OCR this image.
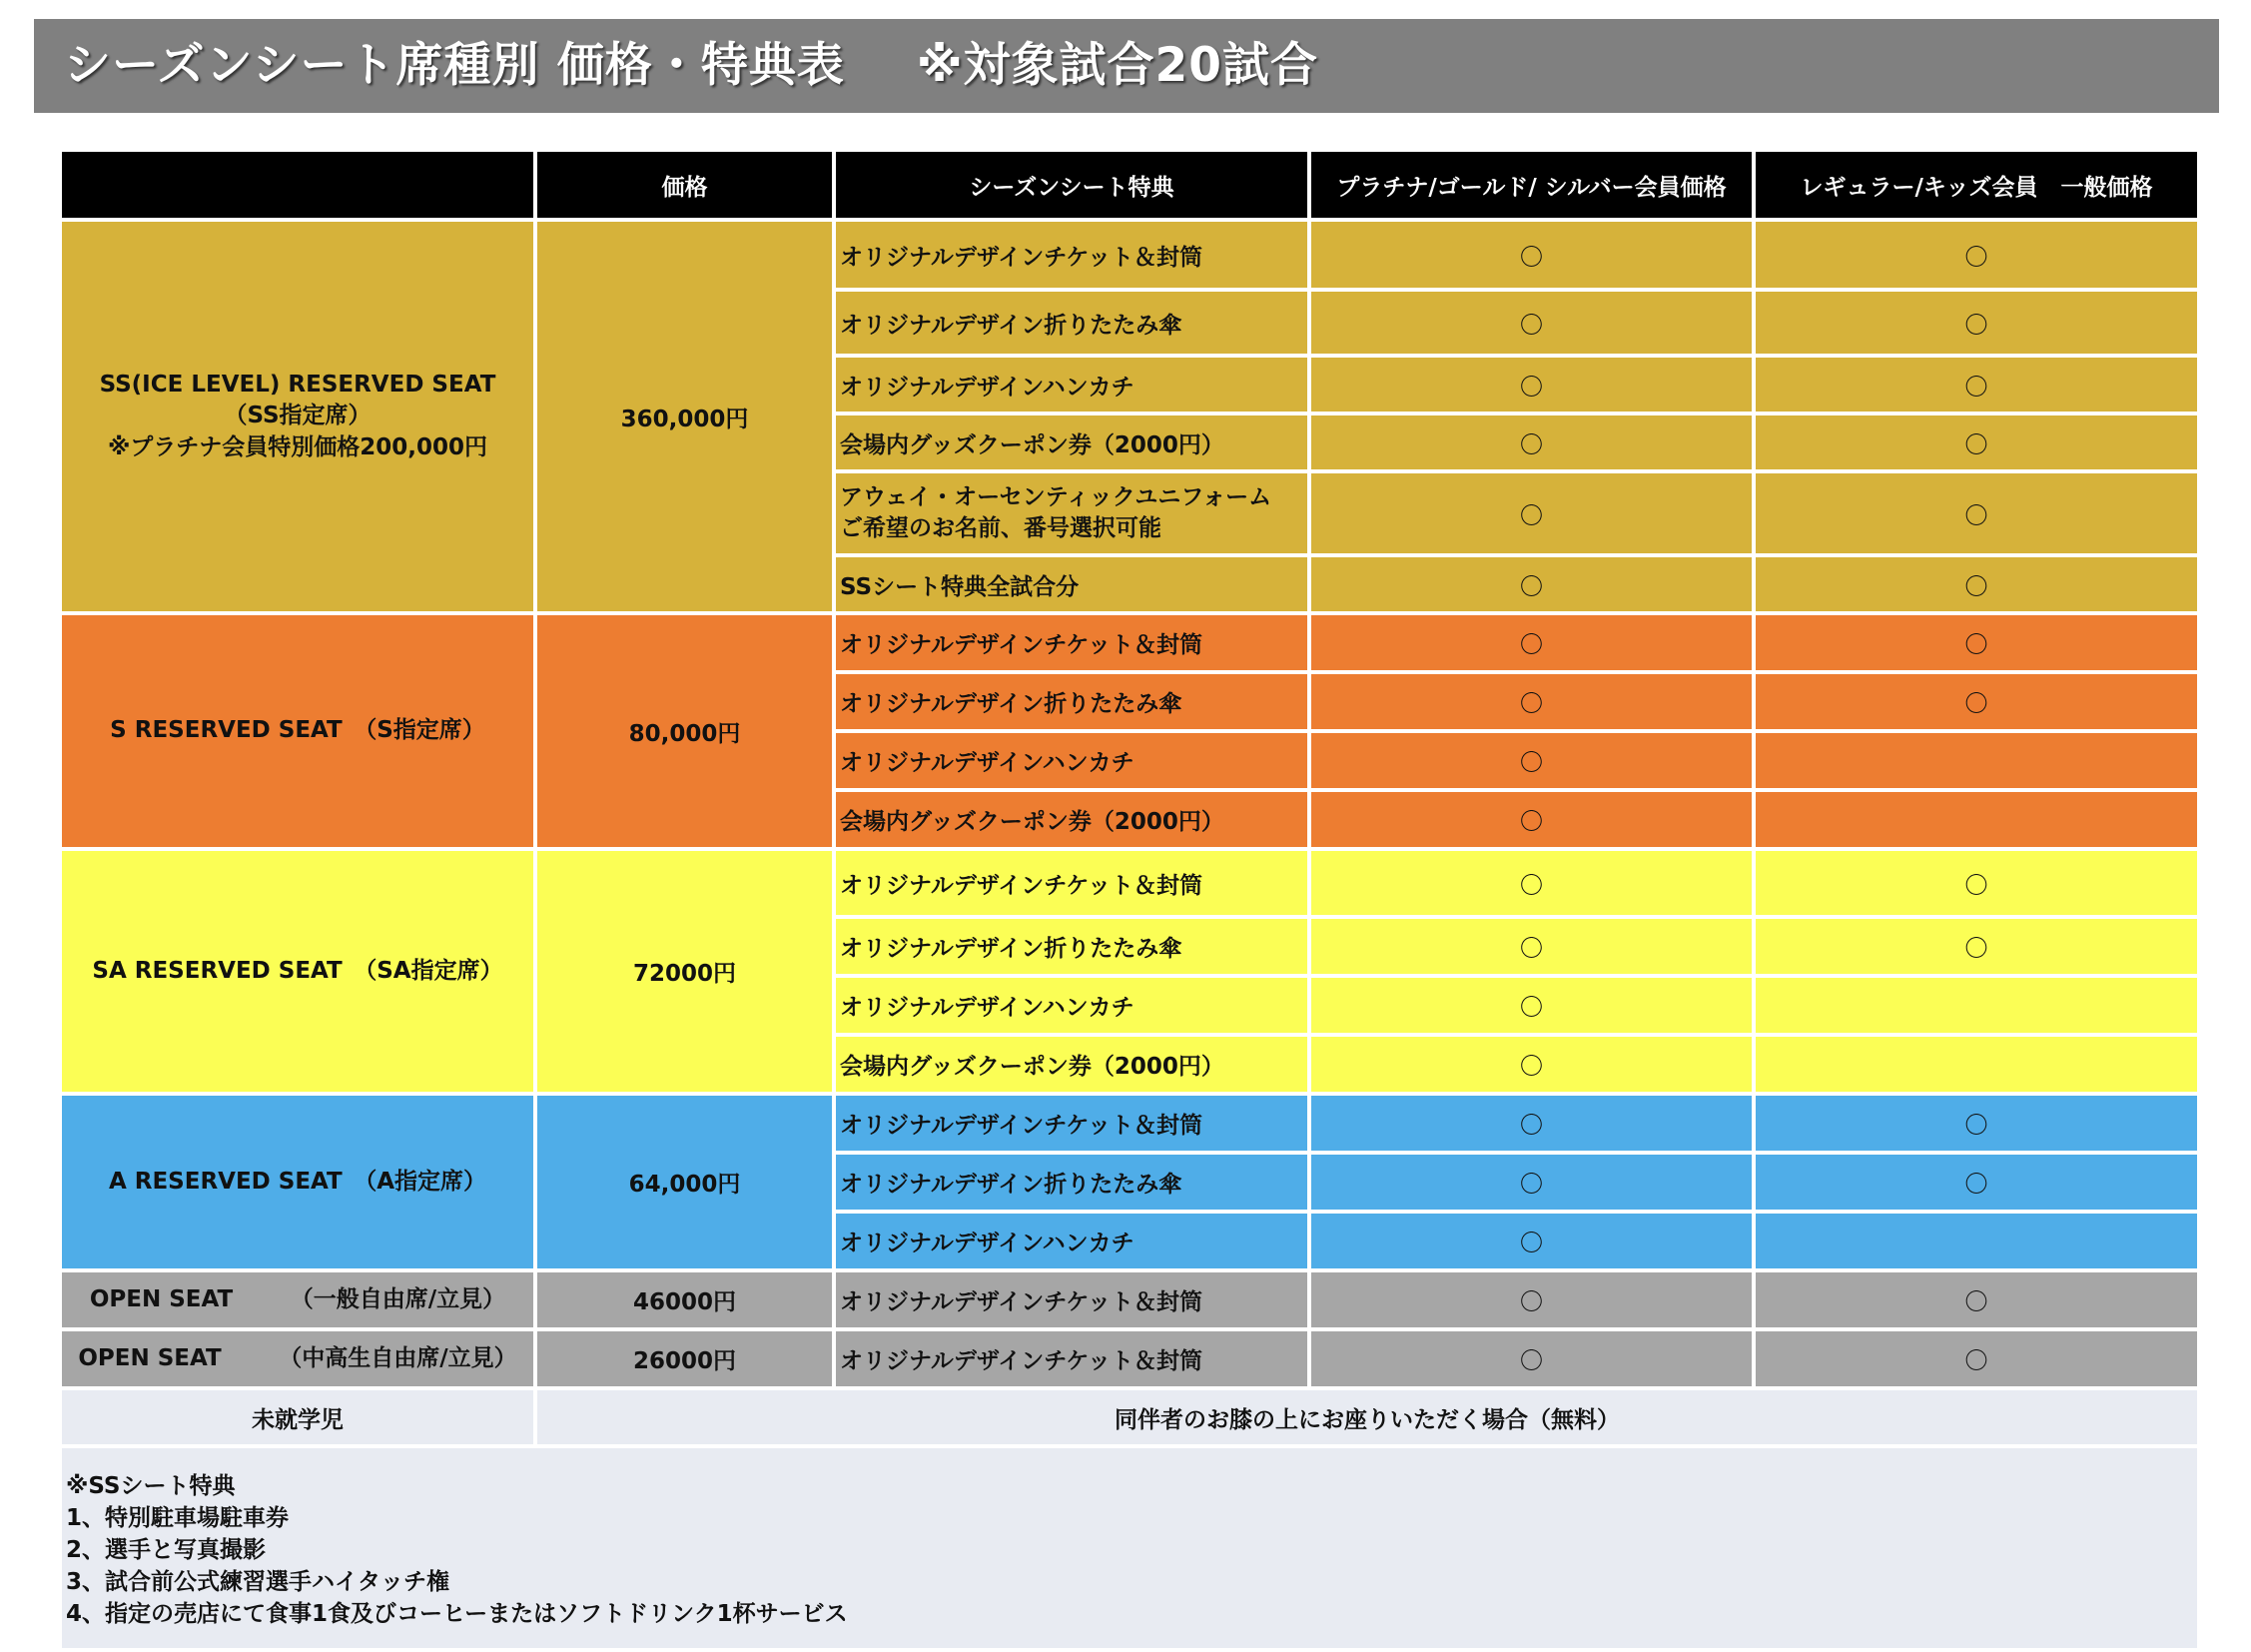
シーズンシート席種別 価格・特典表 ※対象試合20試合
	価格	シーズンシート特典	プラチナ/ゴールド/ シルバー会員価格	レギュラー/キッズ会員　一般価格

SS(ICE LEVEL) RESERVED SEAT
（SS指定席）
※プラチナ会員特別価格200,000円	360,000円	オリジナルデザインチケット＆封筒	〇	〇
		オリジナルデザイン折りたたみ傘	〇	〇
		オリジナルデザインハンカチ	〇	〇
		会場内グッズクーポン券（2000円）	〇	〇

		アウェイ・オーセンティックユニフォーム
ご希望のお名前、番号選択可能	〇	〇
		SSシート特典全試合分	〇	〇
S RESERVED SEAT　（S指定席）	80,000円	オリジナルデザインチケット＆封筒	〇	〇
		オリジナルデザイン折りたたみ傘	〇	〇
		オリジナルデザインハンカチ	〇	
		会場内グッズクーポン券（2000円）	〇	
SA RESERVED SEAT　（SA指定席）	72000円	オリジナルデザインチケット＆封筒	〇	〇
		オリジナルデザイン折りたたみ傘	〇	〇
		オリジナルデザインハンカチ	〇	
		会場内グッズクーポン券（2000円）	〇	
A RESERVED SEAT　（A指定席）	64,000円	オリジナルデザインチケット＆封筒	〇	〇
		オリジナルデザイン折りたたみ傘	〇	〇
		オリジナルデザインハンカチ	〇	
OPEN SEAT　　　（一般自由席/立見）	46000円	オリジナルデザインチケット＆封筒	〇	〇
OPEN SEAT　　　（中高生自由席/立見）	26000円	オリジナルデザインチケット＆封筒	〇	〇
未就学児	同伴者のお膝の上にお座りいただく場合（無料）			

※SSシート特典
1、特別駐車場駐車券
2、選手と写真撮影
3、試合前公式練習選手ハイタッチ権
4、指定の売店にて食事1食及びコーヒーまたはソフトドリンク1杯サービス				
